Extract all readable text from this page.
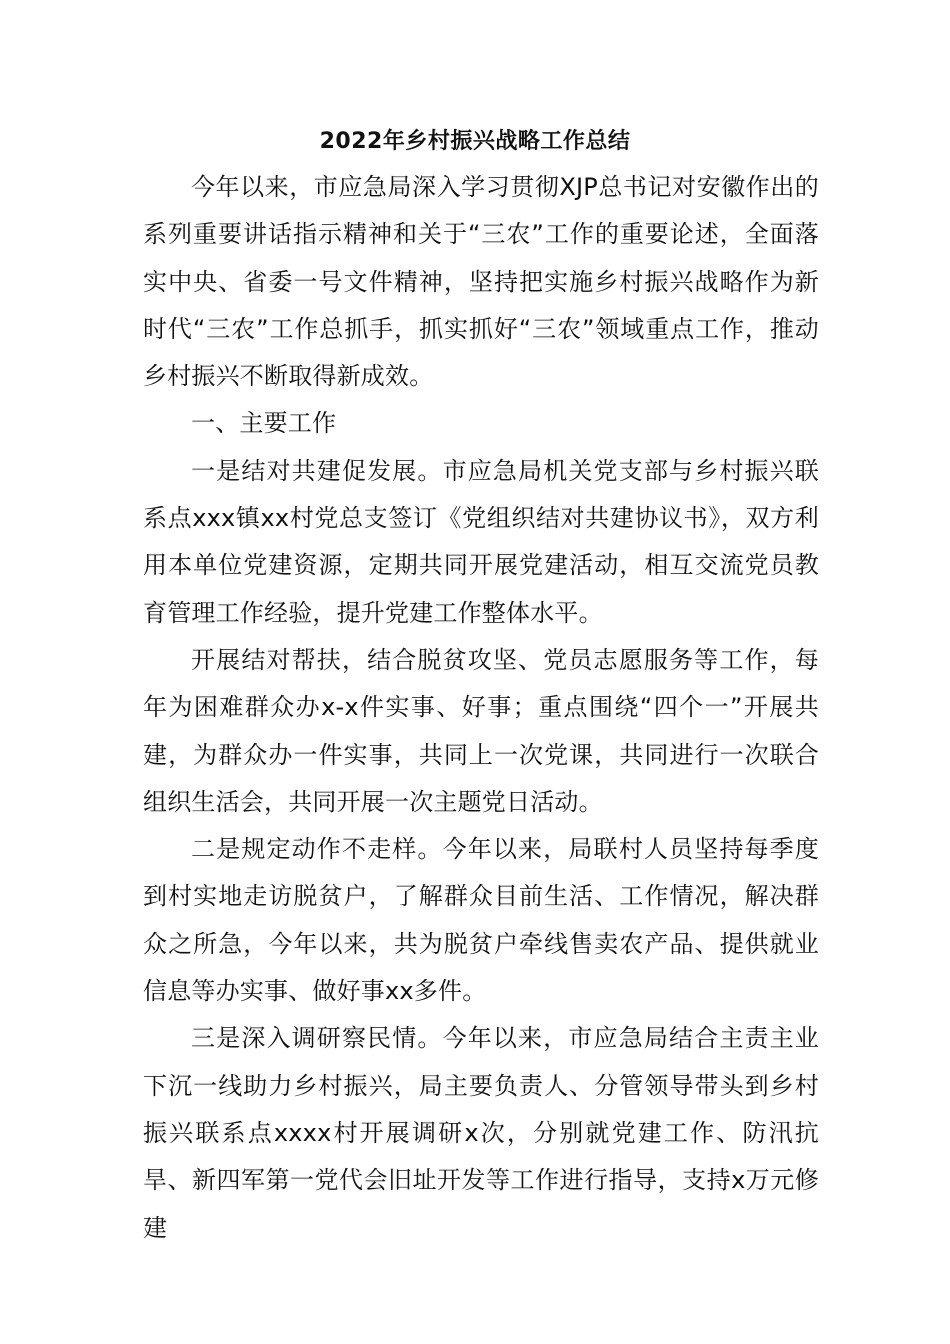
2022年乡村振兴战略工作总结

今年以来，市应急局深入学习贯彻XJP总书记对安徽作出的系列重要讲话指示精神和关于“三农”工作的重要论述，全面落实中央、省委一号文件精神，坚持把实施乡村振兴战略作为新时代“三农”工作总抓手，抓实抓好“三农”领域重点工作，推动乡村振兴不断取得新成效。

一、主要工作

一是结对共建促发展。市应急局机关党支部与乡村振兴联系点xxx镇xx村党总支签订《党组织结对共建协议书》，双方利用本单位党建资源，定期共同开展党建活动，相互交流党员教育管理工作经验，提升党建工作整体水平。

开展结对帮扶，结合脱贫攻坚、党员志愿服务等工作，每年为困难群众办x-x件实事、好事；重点围绕“四个一”开展共建，为群众办一件实事，共同上一次党课，共同进行一次联合组织生活会，共同开展一次主题党日活动。

二是规定动作不走样。今年以来，局联村人员坚持每季度到村实地走访脱贫户，了解群众目前生活、工作情况，解决群众之所急，今年以来，共为脱贫户牵线售卖农产品、提供就业信息等办实事、做好事xx多件。

三是深入调研察民情。今年以来，市应急局结合主责主业下沉一线助力乡村振兴，局主要负责人、分管领导带头到乡村振兴联系点xxxx村开展调研x次，分别就党建工作、防汛抗旱、新四军第一党代会旧址开发等工作进行指导，支持x万元修建
